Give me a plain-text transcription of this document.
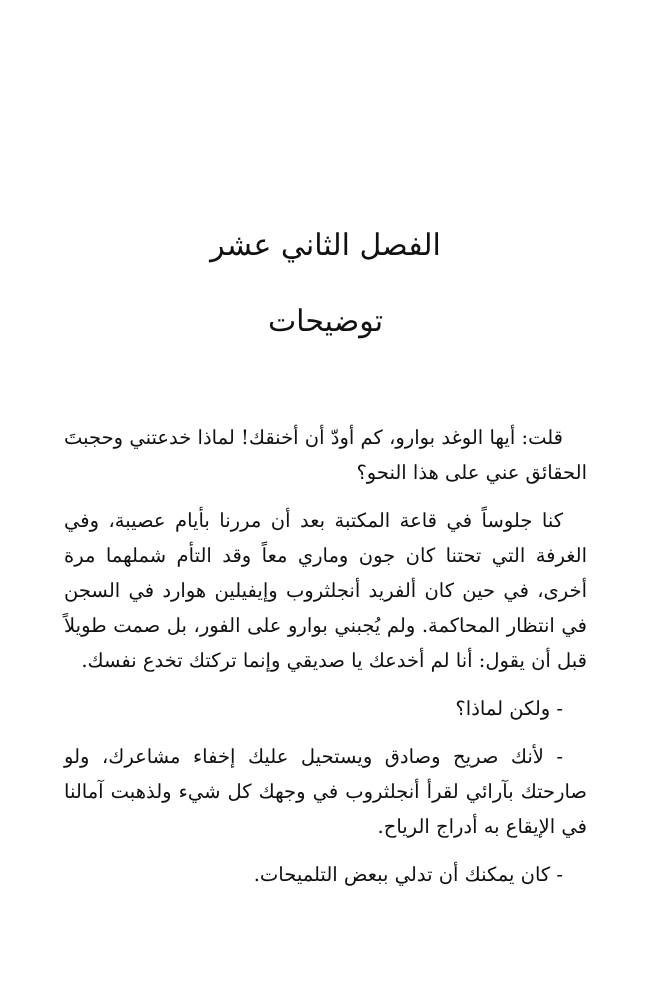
الفصل الثاني عشر
توضيحات

قلت: أيها الوغد بوارو، كم أودّ أن أخنقك! لماذا خدعتني وحجبتَ الحقائق عني على هذا النحو؟

كنا جلوساً في قاعة المكتبة بعد أن مررنا بأيام عصيبة، وفي الغرفة التي تحتنا كان جون وماري معاً وقد التأم شملهما مرة أخرى، في حين كان ألفريد أنجلثروب وإيفيلين هوارد في السجن في انتظار المحاكمة. ولم يُجبني بوارو على الفور، بل صمت طويلاً قبل أن يقول: أنا لم أخدعك يا صديقي وإنما تركتك تخدع نفسك.

- ولكن لماذا؟

- لأنك صريح وصادق ويستحيل عليك إخفاء مشاعرك، ولو صارحتك بآرائي لقرأ أنجلثروب في وجهك كل شيء ولذهبت آمالنا في الإيقاع به أدراج الرياح.

- كان يمكنك أن تدلي ببعض التلميحات.
